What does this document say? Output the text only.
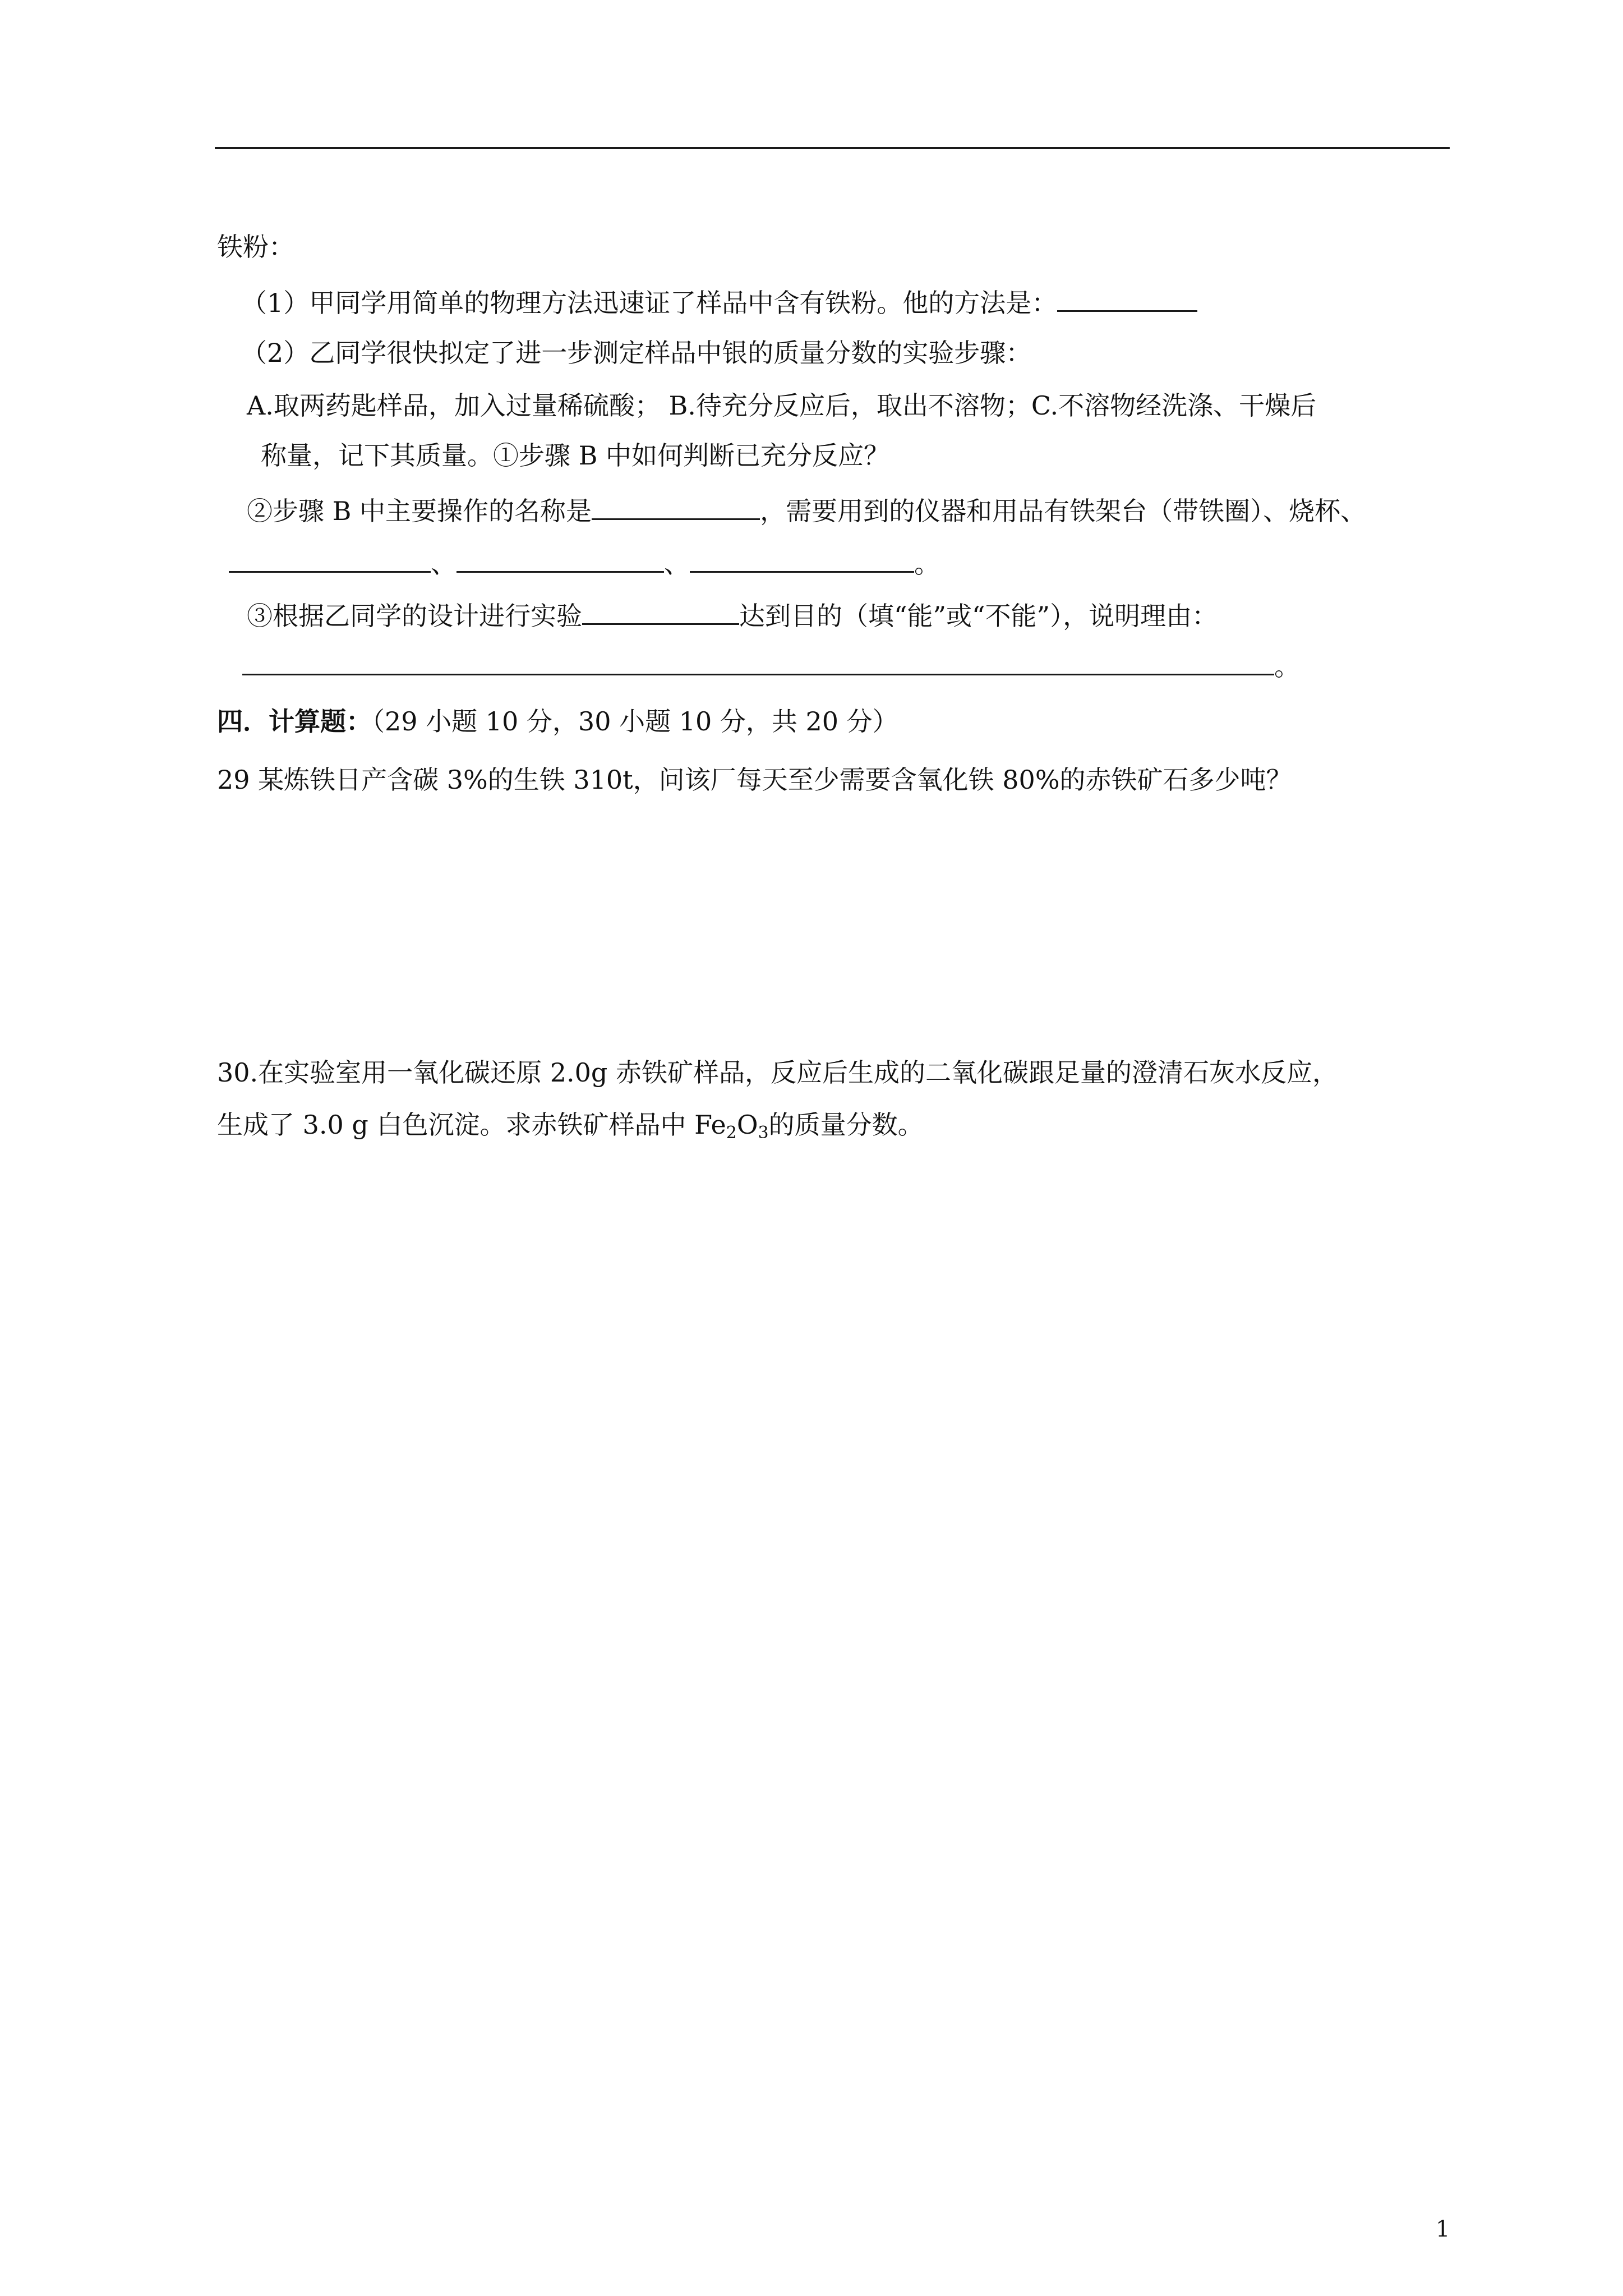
铁粉：
（1）甲同学用简单的物理方法迅速证了样品中含有铁粉。他的方法是：
（2）乙同学很快拟定了进一步测定样品中银的质量分数的实验步骤：
A.取两药匙样品，加入过量稀硫酸； B.待充分反应后，取出不溶物；C.不溶物经洗涤、干燥后
称量，记下其质量。①步骤 B 中如何判断已充分反应？
②步骤 B 中主要操作的名称是	，需要用到的仪器和用品有铁架台（带铁圈）、烧杯、
、	、	。
③根据乙同学的设计进行实验	达到目的（填“能”或“不能”），说明理由：
。
四．计算题：（29 小题 10 分，30 小题 10 分，共 20 分）
29 某炼铁日产含碳 3%的生铁 310t，问该厂每天至少需要含氧化铁 80%的赤铁矿石多少吨？
30.在实验室用一氧化碳还原 2.0g 赤铁矿样品，反应后生成的二氧化碳跟足量的澄清石灰水反应，
生成了 3.0 g 白色沉淀。求赤铁矿样品中 $Fe_2O_3$的质量分数。
1
